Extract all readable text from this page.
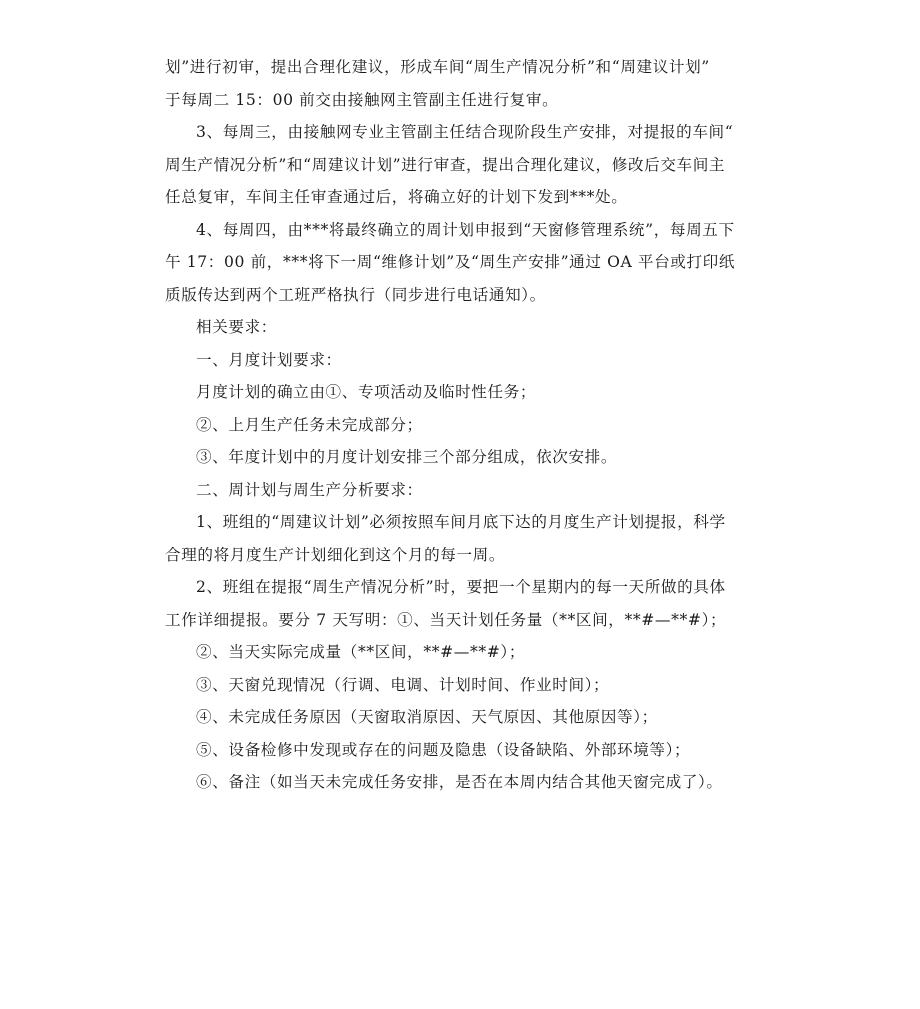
划”进行初审，提出合理化建议，形成车间“周生产情况分析”和“周建议计划”
于每周二 15：00 前交由接触网主管副主任进行复审。

3、每周三，由接触网专业主管副主任结合现阶段生产安排，对提报的车间“
周生产情况分析”和“周建议计划”进行审查，提出合理化建议，修改后交车间主
任总复审，车间主任审查通过后，将确立好的计划下发到***处。

4、每周四，由***将最终确立的周计划申报到“天窗修管理系统”，每周五下
午 17：00 前，***将下一周“维修计划”及“周生产安排”通过 OA 平台或打印纸
质版传达到两个工班严格执行（同步进行电话通知）。

相关要求：

一、月度计划要求：

月度计划的确立由①、专项活动及临时性任务；

②、上月生产任务未完成部分；

③、年度计划中的月度计划安排三个部分组成，依次安排。

二、周计划与周生产分析要求：

1、班组的“周建议计划”必须按照车间月底下达的月度生产计划提报，科学
合理的将月度生产计划细化到这个月的每一周。

2、班组在提报“周生产情况分析”时，要把一个星期内的每一天所做的具体
工作详细提报。要分 7 天写明：①、当天计划任务量（**区间，**#—**#）；

②、当天实际完成量（**区间，**#—**#）；

③、天窗兑现情况（行调、电调、计划时间、作业时间）；

④、未完成任务原因（天窗取消原因、天气原因、其他原因等）；

⑤、设备检修中发现或存在的问题及隐患（设备缺陷、外部环境等）；

⑥、备注（如当天未完成任务安排，是否在本周内结合其他天窗完成了）。
